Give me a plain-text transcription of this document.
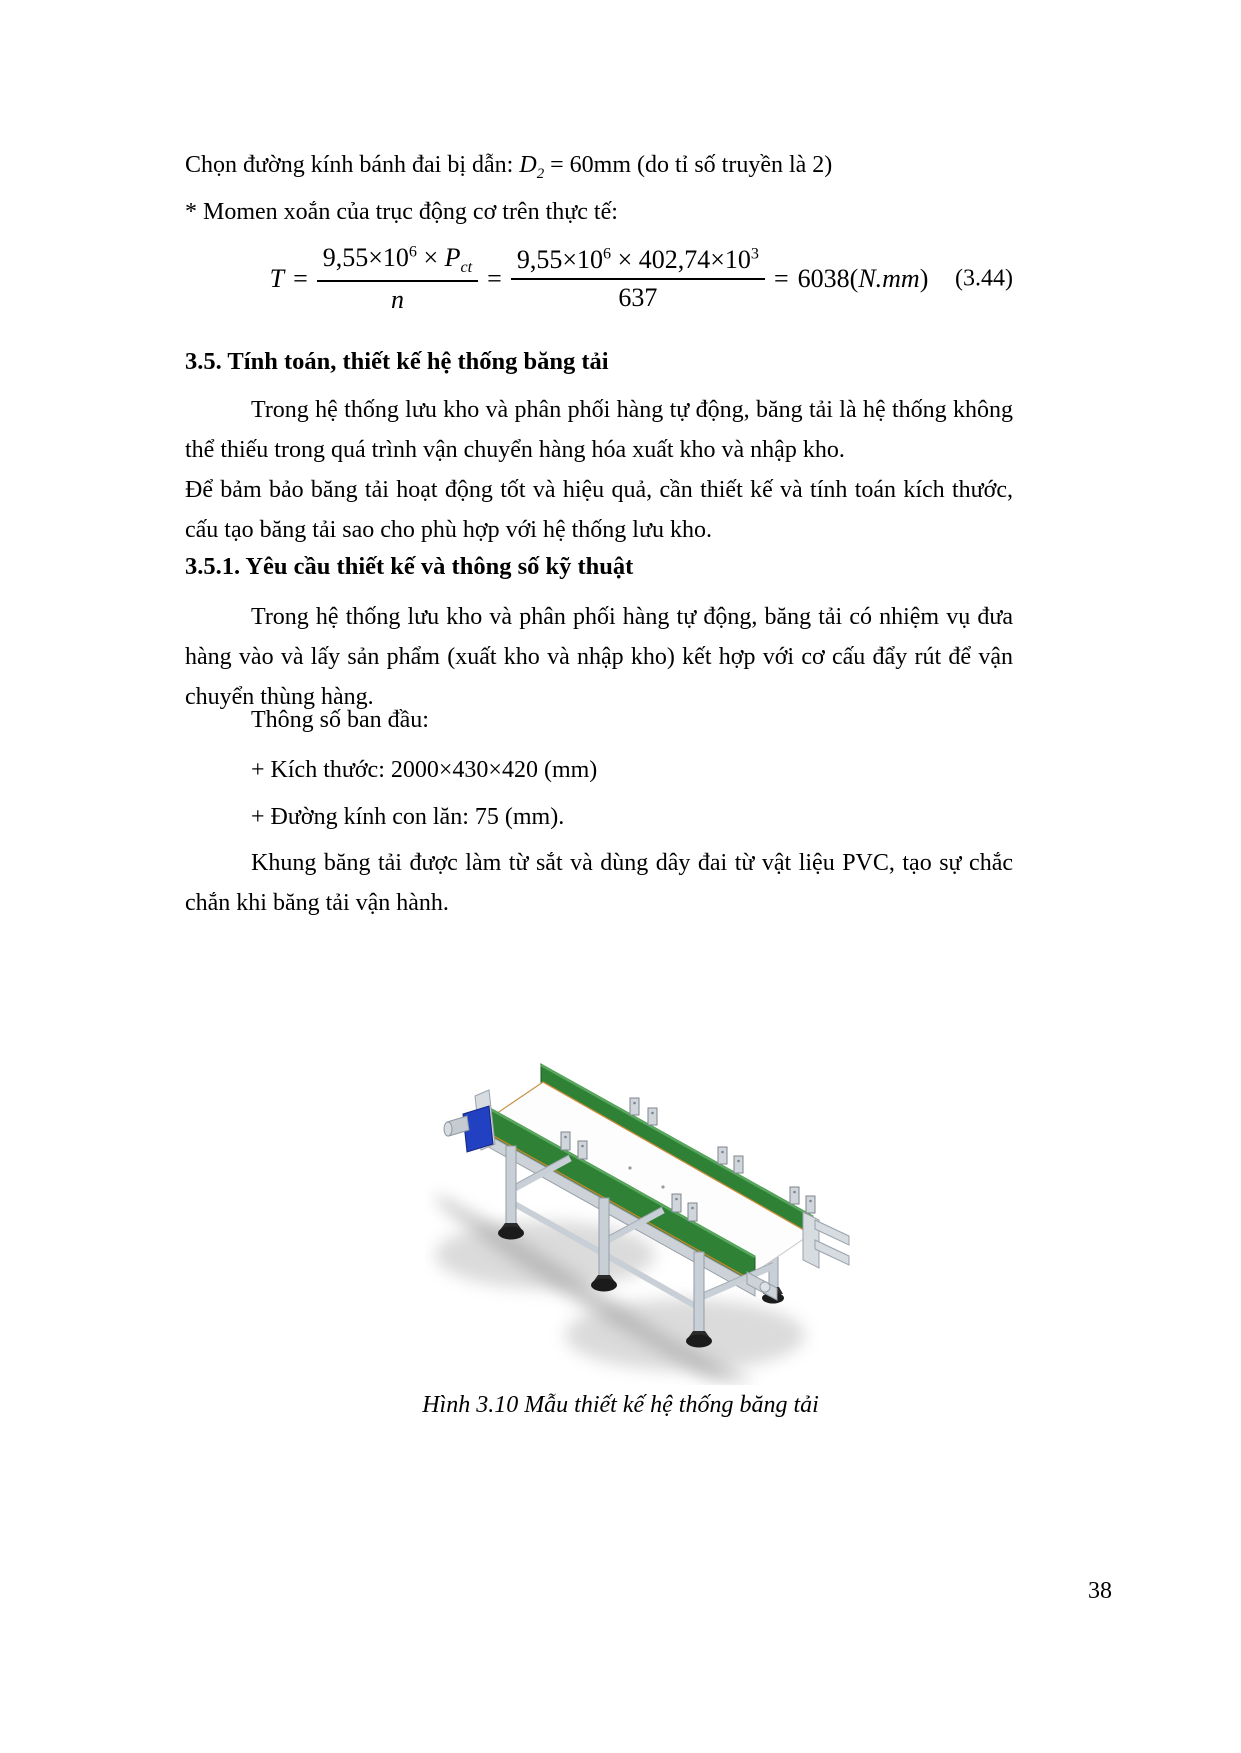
Chọn đường kính bánh đai bị dẫn: $D_2 = 60mm$ (do tỉ số truyền là 2)
* Momen xoắn của trục động cơ trên thực tế:
$T = \frac{9,55\times 10^6 \times P_{ct}}{n} = \frac{9,55\times 10^6 \times 402,74\times 10^3}{637} = 6038(N.mm)$ (3.44)
3.5. Tính toán, thiết kế hệ thống băng tải
Trong hệ thống lưu kho và phân phối hàng tự động, băng tải là hệ thống không thể thiếu trong quá trình vận chuyển hàng hóa xuất kho và nhập kho.
Để bảm bảo băng tải hoạt động tốt và hiệu quả, cần thiết kế và tính toán kích thước, cấu tạo băng tải sao cho phù hợp với hệ thống lưu kho.
3.5.1. Yêu cầu thiết kế và thông số kỹ thuật
Trong hệ thống lưu kho và phân phối hàng tự động, băng tải có nhiệm vụ đưa hàng vào và lấy sản phẩm (xuất kho và nhập kho) kết hợp với cơ cấu đẩy rút để vận chuyển thùng hàng.
Thông số ban đầu:
+ Kích thước: 2000×430×420 (mm)
+ Đường kính con lăn: 75 (mm).
Khung băng tải được làm từ sắt và dùng dây đai từ vật liệu PVC, tạo sự chắc chắn khi băng tải vận hành.
Hình 3.10 Mẫu thiết kế hệ thống băng tải
38
